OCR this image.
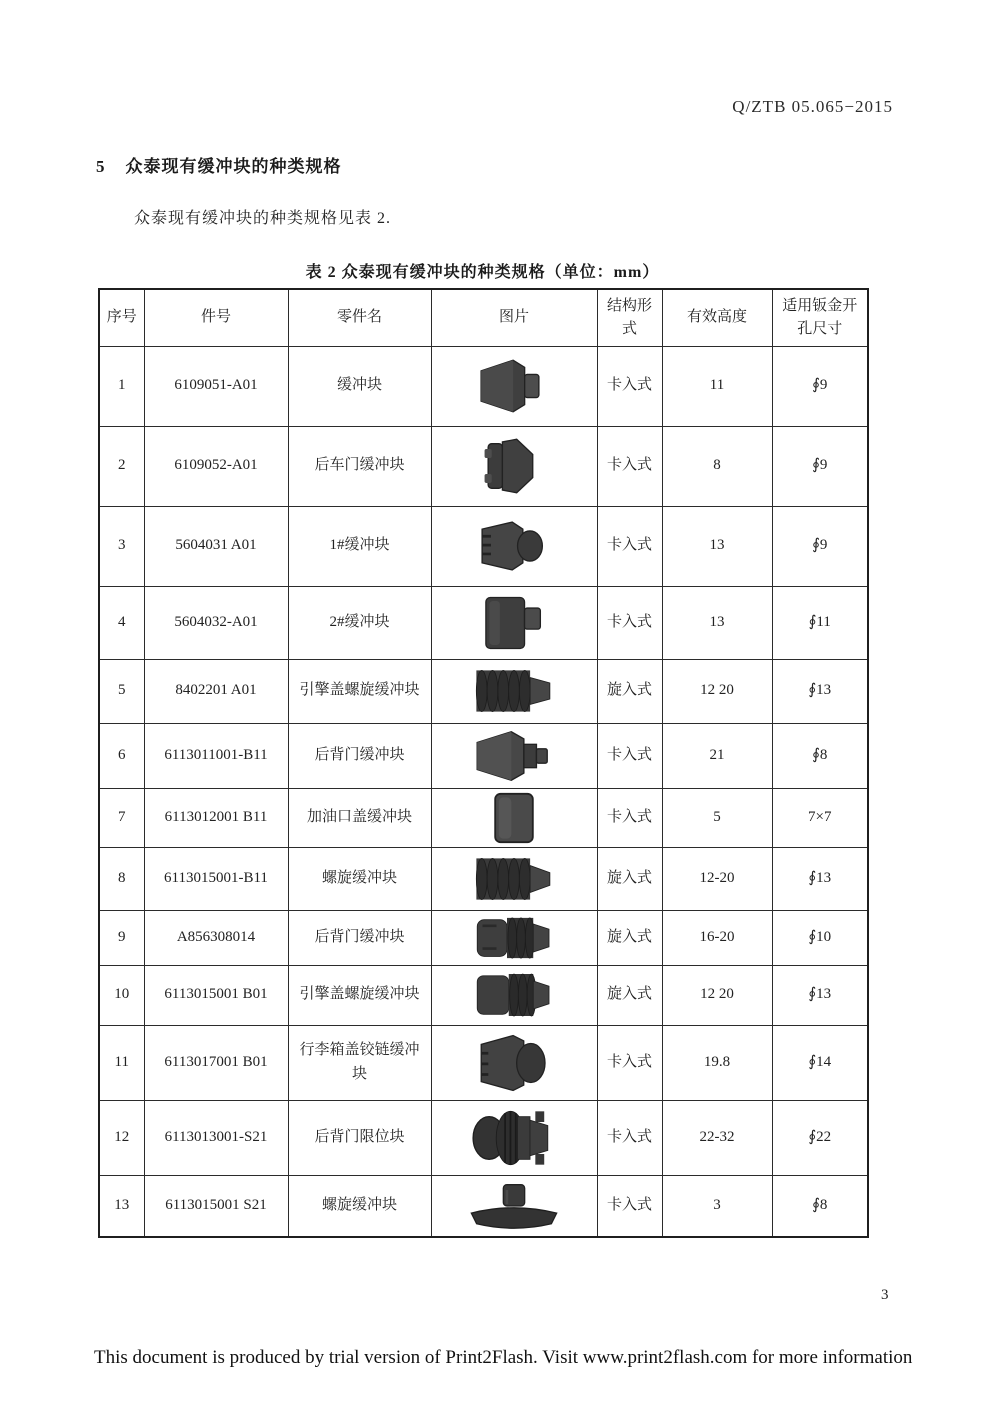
Q/ZTB 05.065−2015
5 众泰现有缓冲块的种类规格
众泰现有缓冲块的种类规格见表 2.
表 2 众泰现有缓冲块的种类规格（单位：mm）
序号	件号	零件名	图片	结构形式	有效高度	适用钣金开孔尺寸
1	6109051-A01	缓冲块		卡入式	11	∮9
2	6109052-A01	后车门缓冲块		卡入式	8	∮9
3	5604031 A01	1#缓冲块		卡入式	13	∮9
4	5604032-A01	2#缓冲块		卡入式	13	∮11
5	8402201 A01	引擎盖螺旋缓冲块		旋入式	12 20	∮13
6	6113011001-B11	后背门缓冲块		卡入式	21	∮8
7	6113012001 B11	加油口盖缓冲块		卡入式	5	7×7
8	6113015001-B11	螺旋缓冲块		旋入式	12-20	∮13
9	A856308014	后背门缓冲块		旋入式	16-20	∮10
10	6113015001 B01	引擎盖螺旋缓冲块		旋入式	12 20	∮13
11	6113017001 B01	行李箱盖铰链缓冲块		卡入式	19.8	∮14
12	6113013001-S21	后背门限位块		卡入式	22-32	∮22
13	6113015001 S21	螺旋缓冲块		卡入式	3	∮8
3
This document is produced by trial version of Print2Flash. Visit www.print2flash.com for more information
